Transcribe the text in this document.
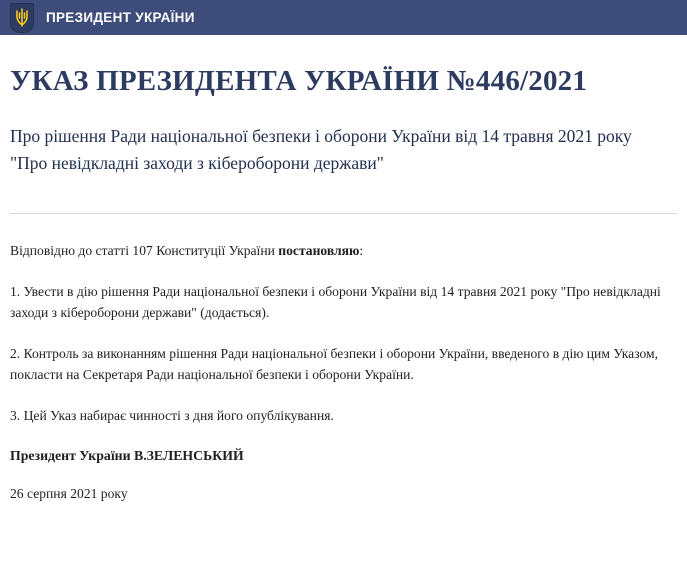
ПРЕЗИДЕНТ УКРАЇНИ
УКАЗ ПРЕЗИДЕНТА УКРАЇНИ №446/2021

Про рішення Ради національної безпеки і оборони України від 14 травня 2021 року "Про невідкладні заходи з кібероборони держави"

Відповідно до статті 107 Конституції України постановляю:

1. Увести в дію рішення Ради національної безпеки і оборони України від 14 травня 2021 року "Про невідкладні заходи з кібероборони держави" (додається).

2. Контроль за виконанням рішення Ради національної безпеки і оборони України, введеного в дію цим Указом, покласти на Секретаря Ради національної безпеки і оборони України.

3. Цей Указ набирає чинності з дня його опублікування.

Президент України В.ЗЕЛЕНСЬКИЙ

26 серпня 2021 року
